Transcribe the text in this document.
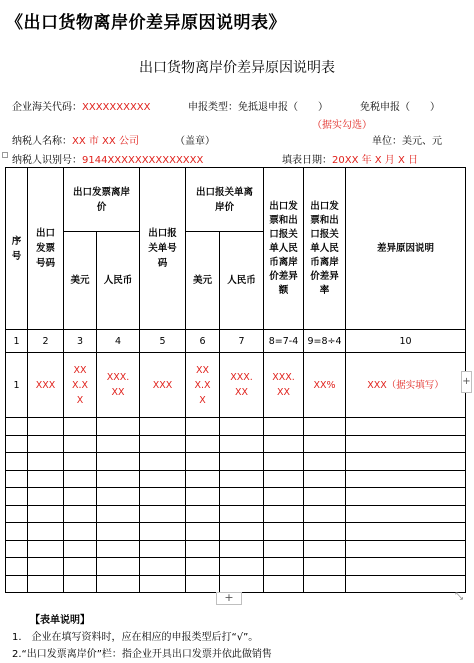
《出口货物离岸价差异原因说明表》
出口货物离岸价差异原因说明表
企业海关代码：XXXXXXXXXX	申报类型：免抵退申报（　　）	免税申报（　　）
（据实勾选）
纳税人名称：XX 市 XX 公司	（盖章）	单位：美元、元
纳税人识别号：9144XXXXXXXXXXXXXX	填表日期：20XX 年 X 月 X 日
序号	出口发票号码	出口发票离岸价		出口报关单号码	出口报关单离岸价		出口发票和出口报关单人民币离岸价差异额	出口发票和出口报关单人民币离岸价差异率	差异原因说明
		美元	人民币		美元	人民币			
1	2	3	4	5	6	7	8=7-4	9=8÷4	10
1	XXX	XX X.X X	XXX. XX	XXX	XX X.X X	XXX. XX	XXX. XX	XX%	XXX（据实填写）

									+
+	⤡
【表单说明】
1.　企业在填写资料时，应在相应的申报类型后打“√”。
2.“出口发票离岸价”栏：指企业开具出口发票并依此做销售
